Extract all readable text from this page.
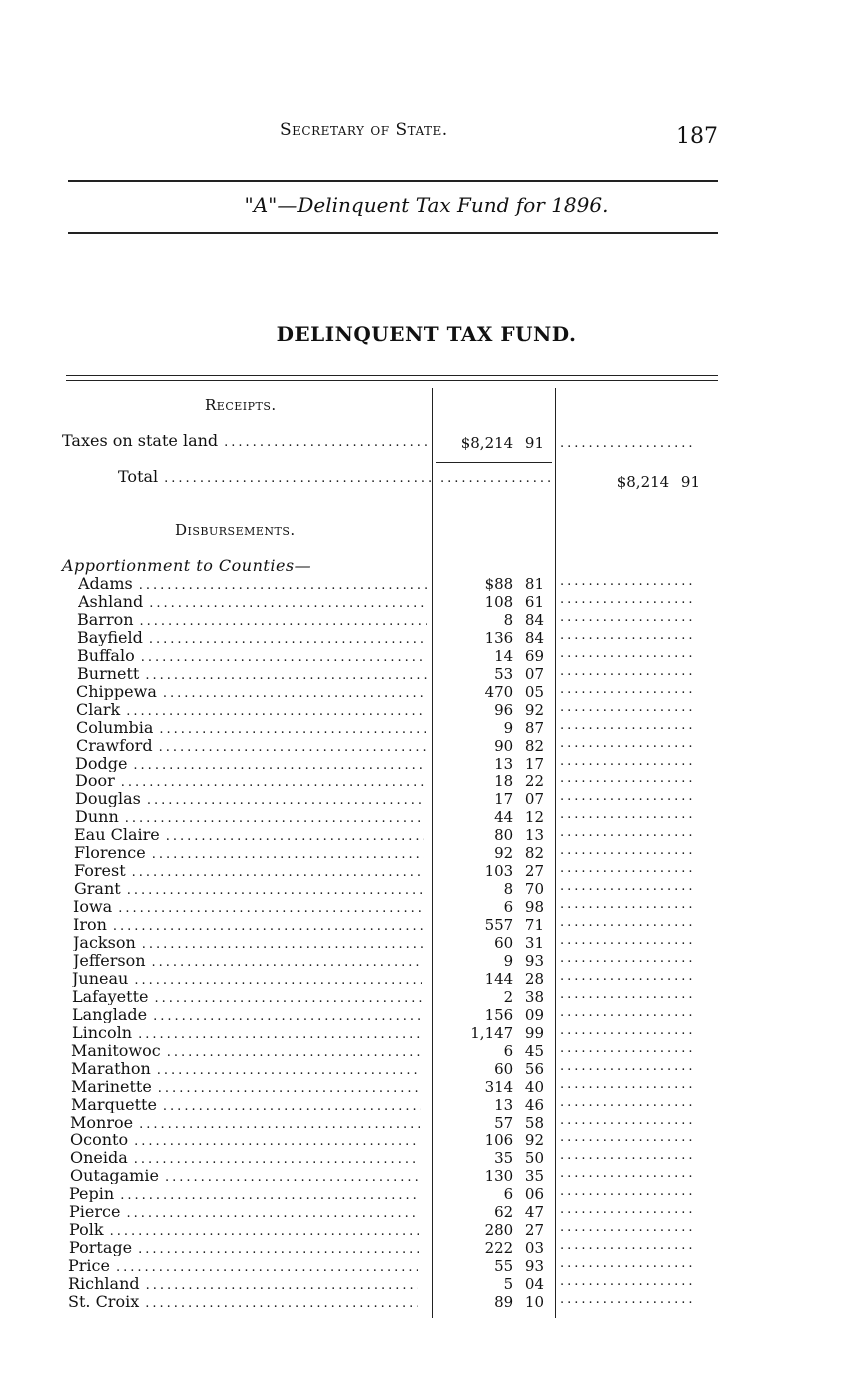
Secretary of State.	187
"A"—Delinquent Tax Fund for 1896.
DELINQUENT TAX FUND.
Receipts.
Taxes on state land .....	$8,214 91
.....
Total ..... .....	$8,214 91
Disbursements.
Apportionment to Counties—
Adams .....	$88 81
.....
Ashland .....	108 61
.....
Barron .....	8 84
.....
Bayfield .....	136 84
.....
Buffalo .....	14 69
.....
Burnett .....	53 07
.....
Chippewa .....	470 05
.....
Clark .....	96 92
.....
Columbia .....	9 87
.....
Crawford .....	90 82
.....
Dodge .....	13 17
.....
Door .....	18 22
.....
Douglas .....	17 07
.....
Dunn .....	44 12
.....
Eau Claire .....	80 13
.....
Florence .....	92 82
.....
Forest .....	103 27
.....
Grant .....	8 70
.....
Iowa .....	6 98
.....
Iron .....	557 71
.....
Jackson .....	60 31
.....
Jefferson .....	9 93
.....
Juneau .....	144 28
.....
Lafayette .....	2 38
.....
Langlade .....	156 09
.....
Lincoln .....	1,147 99
.....
Manitowoc .....	6 45
.....
Marathon .....	60 56
.....
Marinette .....	314 40
.....
Marquette .....	13 46
.....
Monroe .....	57 58
.....
Oconto .....	106 92
.....
Oneida .....	35 50
.....
Outagamie .....	130 35
.....
Pepin .....	6 06
.....
Pierce .....	62 47
.....
Polk .....	280 27
.....
Portage .....	222 03
.....
Price .....	55 93
.....
Richland .....	5 04
.....
St. Croix .....	89 10
.....
